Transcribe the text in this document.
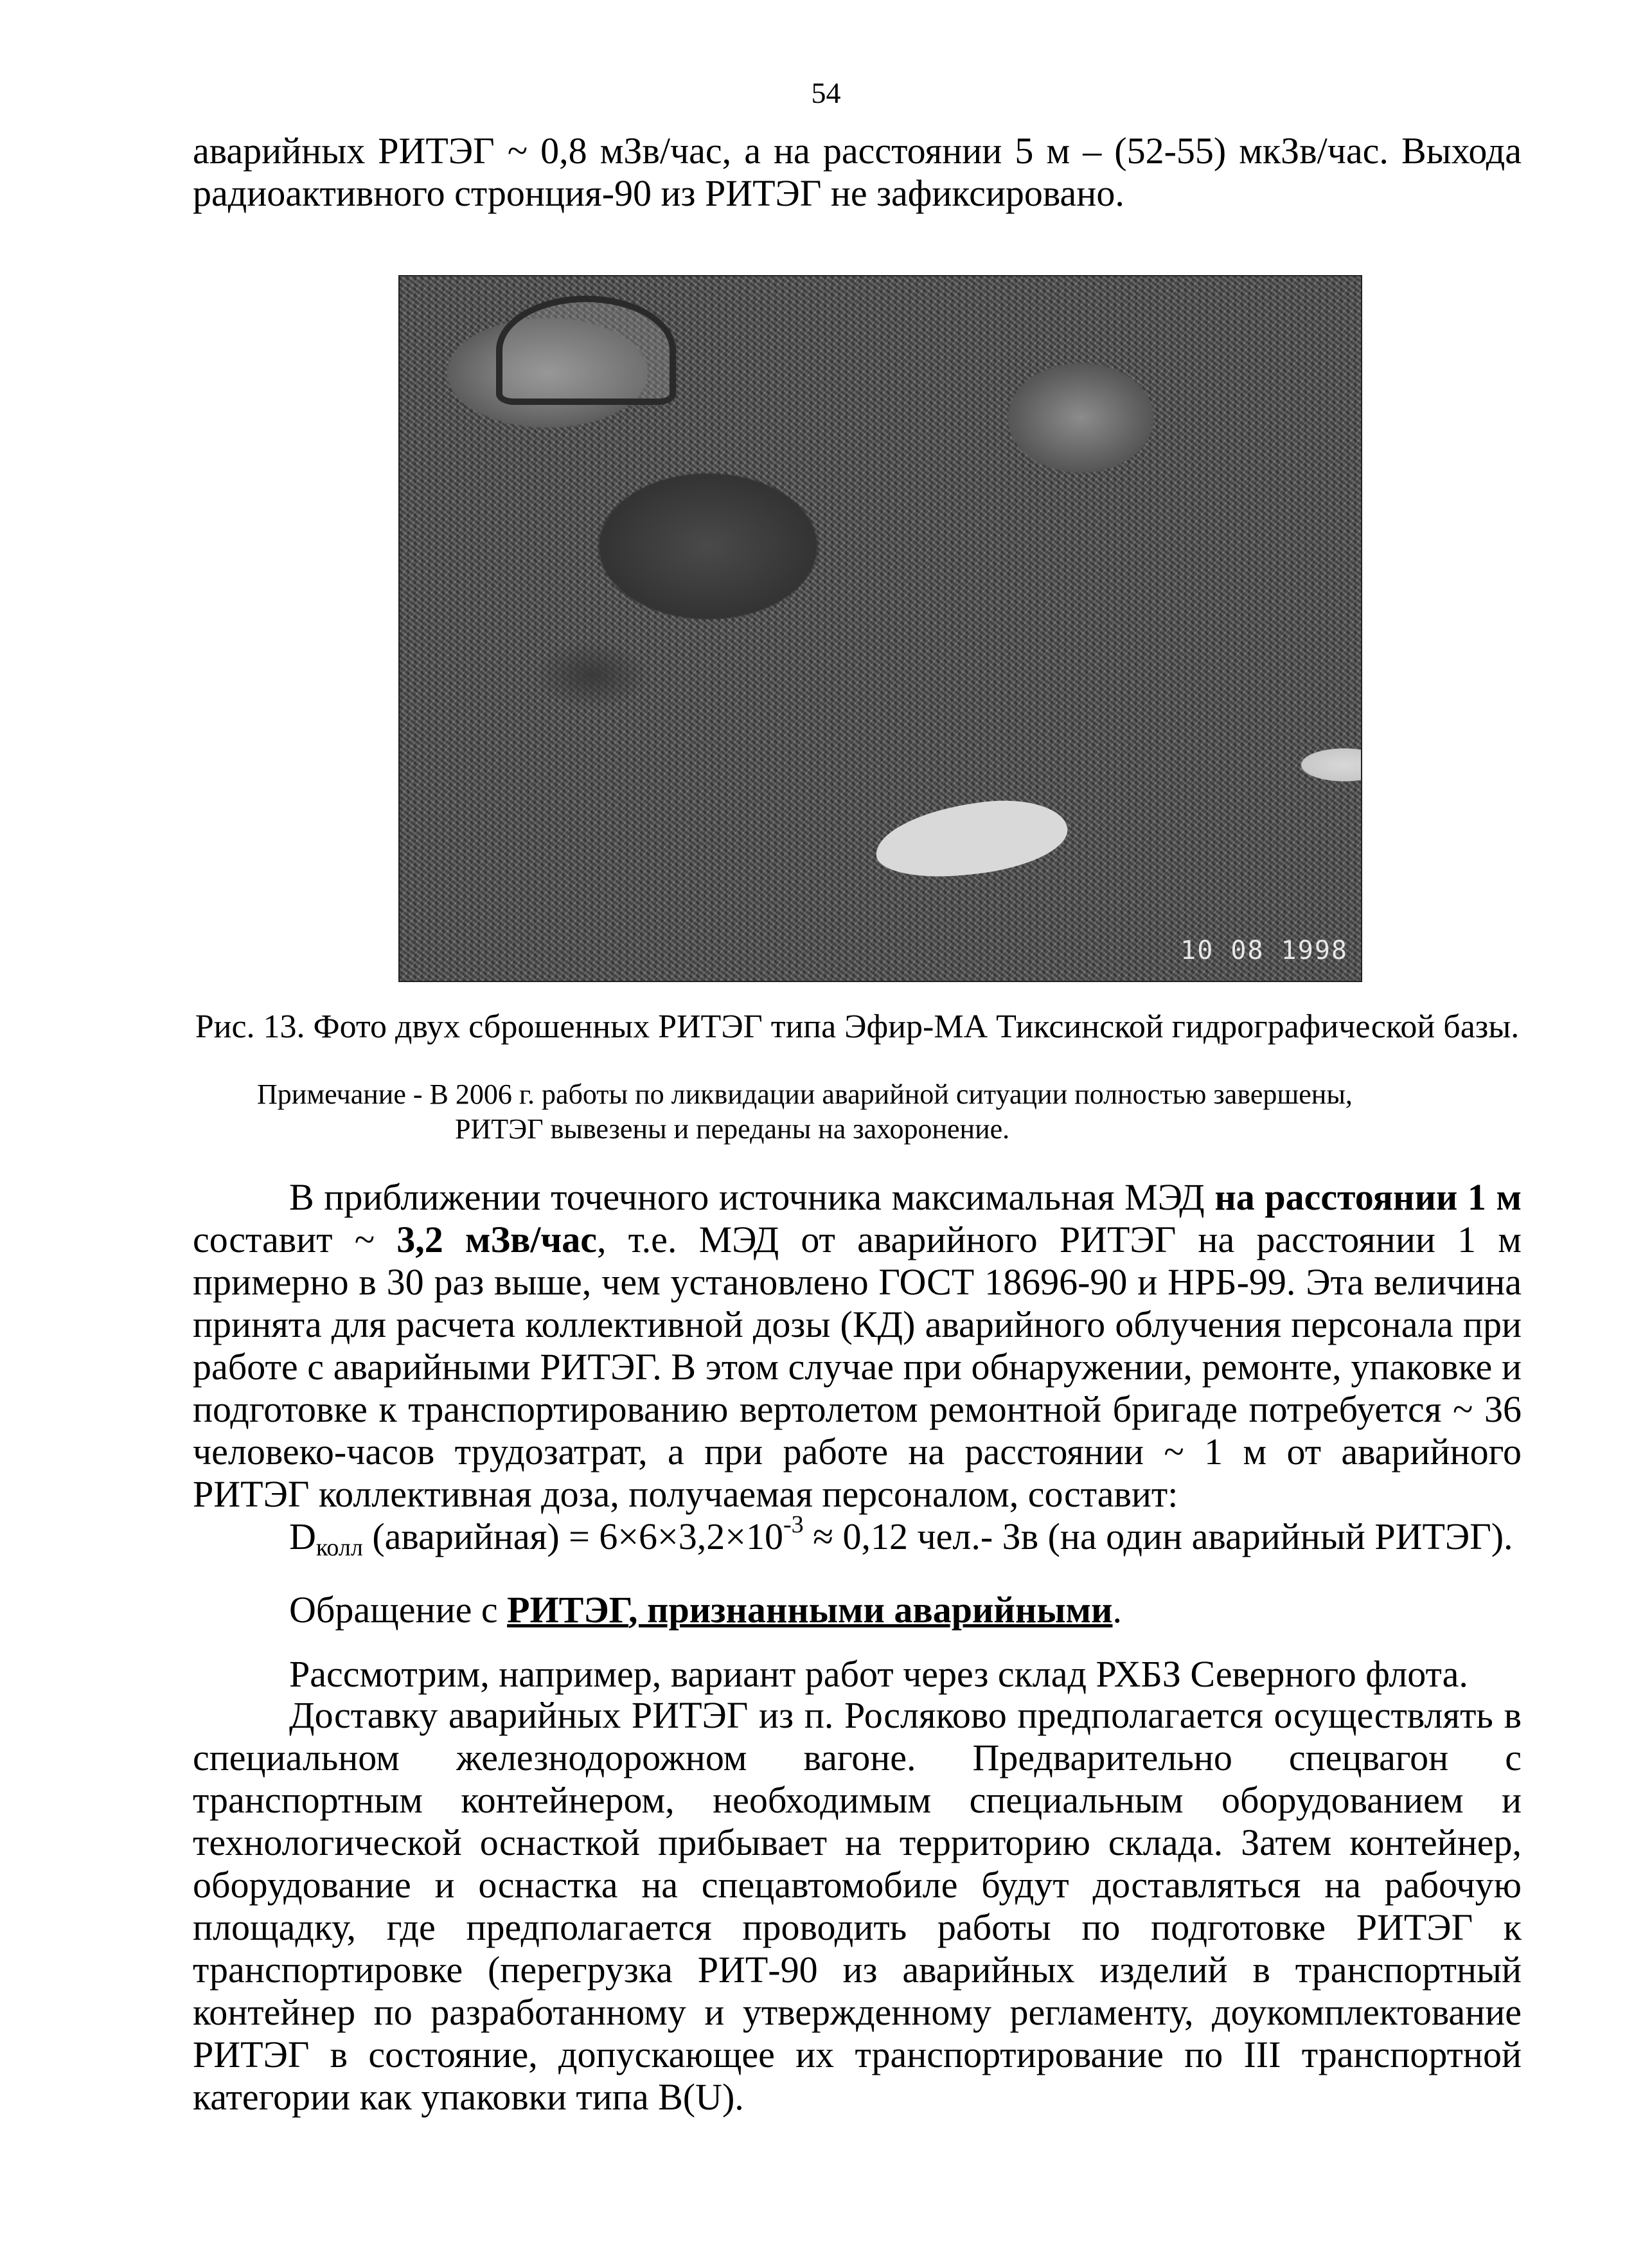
54

аварийных РИТЭГ ~ 0,8 мЗв/час, а на расстоянии 5 м – (52-55) мкЗв/час. Выхода радиоактивного стронция-90 из РИТЭГ не зафиксировано.

10 08 1998
Рис. 13. Фото двух сброшенных РИТЭГ типа Эфир-МА Тиксинской гидрографической базы.
Примечание - В 2006 г. работы по ликвидации аварийной ситуации полностью завершены,
РИТЭГ вывезены и переданы на захоронение.

В приближении точечного источника максимальная МЭД на расстоянии 1 м составит ~ 3,2 мЗв/час, т.е. МЭД от аварийного РИТЭГ на расстоянии 1 м примерно в 30 раз выше, чем установлено ГОСТ 18696-90 и НРБ-99. Эта величина принята для расчета коллективной дозы (КД) аварийного облучения персонала при работе с аварийными РИТЭГ. В этом случае при обнаружении, ремонте, упаковке и подготовке к транспортированию вертолетом ремонтной бригаде потребуется ~ 36 человеко-часов трудозатрат, а при работе на расстоянии ~ 1 м от аварийного РИТЭГ коллективная доза, получаемая персоналом, составит:

$D_{колл}$ (аварийная) = $6\times 6\times 3,2\times 10^{-3} \approx 0,12$ чел.- Зв (на один аварийный РИТЭГ).

Обращение с РИТЭГ, признанными аварийными.

Рассмотрим, например, вариант работ через склад РХБЗ Северного флота.

Доставку аварийных РИТЭГ из п. Росляково предполагается осуществлять в специальном железнодорожном вагоне. Предварительно спецвагон с транспортным контейнером, необходимым специальным оборудованием и технологической оснасткой прибывает на территорию склада. Затем контейнер, оборудование и оснастка на спецавтомобиле будут доставляться на рабочую площадку, где предполагается проводить работы по подготовке РИТЭГ к транспортировке (перегрузка РИТ-90 из аварийных изделий в транспортный контейнер по разработанному и утвержденному регламенту, доукомплектование РИТЭГ в состояние, допускающее их транспортирование по III транспортной категории как упаковки типа B(U).
